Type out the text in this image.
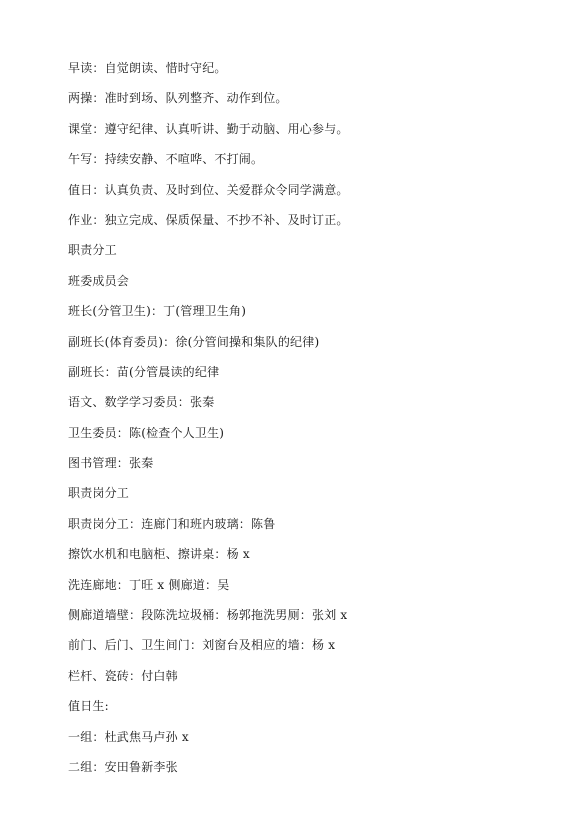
早读：自觉朗读、惜时守纪。
两操：准时到场、队列整齐、动作到位。
课堂：遵守纪律、认真听讲、勤于动脑、用心参与。
午写：持续安静、不喧哗、不打闹。
值日：认真负责、及时到位、关爱群众令同学满意。
作业：独立完成、保质保量、不抄不补、及时订正。
职责分工
班委成员会
班长(分管卫生)：丁(管理卫生角)
副班长(体育委员)：徐(分管间操和集队的纪律)
副班长：苗(分管晨读的纪律
语文、数学学习委员：张秦
卫生委员：陈(检查个人卫生)
图书管理：张秦
职责岗分工
职责岗分工：连廊门和班内玻璃：陈鲁
擦饮水机和电脑柜、擦讲桌：杨 x
洗连廊地：丁旺 x 侧廊道：吴
侧廊道墙壁：段陈洗垃圾桶：杨郭拖洗男厕：张刘 x
前门、后门、卫生间门：刘窗台及相应的墙：杨 x
栏杆、瓷砖：付白韩
值日生:
一组：杜武焦马卢孙 x
二组：安田鲁新李张
